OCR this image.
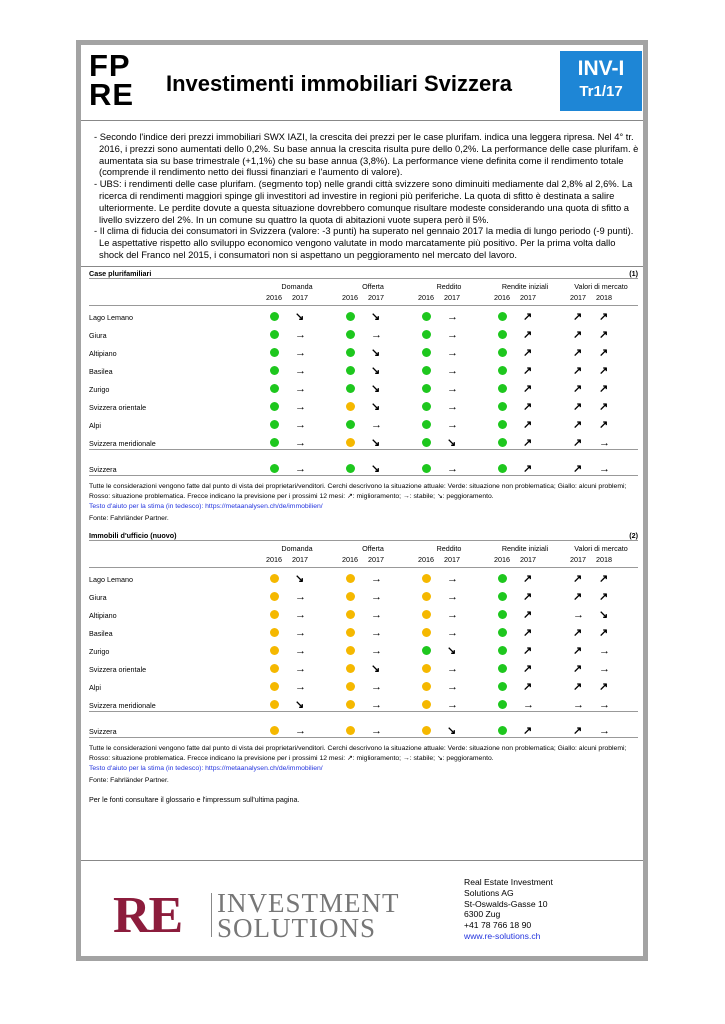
FP
RE	Investimenti immobiliari Svizzera
INV-I
Tr1/17

- Secondo l'indice deri prezzi immobiliari SWX IAZI, la crescita dei prezzi per le case plurifam. indica una leggera ripresa. Nel 4° tr. 2016, i prezzi sono aumentati dello 0,2%. Su base annua la crescita risulta pure dello 0,2%. La performance delle case plurifam. è aumentata sia su base trimestrale (+1,1%) che su base annua (3,8%). La performance viene definita come il rendimento totale (comprende il rendimento netto dei flussi finanziari e l'aumento di valore).

- UBS: i rendimenti delle case plurifam. (segmento top) nelle grandi città svizzere sono diminuiti mediamente dal 2,8% al 2,6%. La ricerca di rendimenti maggiori spinge gli investitori ad investire in regioni più periferiche. La quota di sfitto è destinata a salire ulteriormente. Le perdite dovute a questa situazione dovrebbero comunque risultare modeste considerando una quota di sfitto a livello svizzero del 2%. In un comune su quattro la quota di abitazioni vuote supera però il 5%.

- Il clima di fiducia dei consumatori in Svizzera (valore: -3 punti) ha superato nel gennaio 2017 la media di lungo periodo (-9 punti). Le aspettative rispetto allo sviluppo economico vengono valutate in modo marcatamente più positivo. Per la prima volta dallo shock del Franco nel 2015, i consumatori non si aspettano un peggioramento nel mercato del lavoro.

Case plurifamiliari	(1)
Domanda	Offerta	Reddito	Rendite iniziali	Valori di mercato
2016	2017	2016	2017	2016	2017	2016	2017	2017	2018
Lago Lemano	↘	↘	→	↗	↗ ↗
Giura	→	→	→	↗	↗ ↗
Altipiano	→	↘	→	↗	↗ ↗
Basilea	→	↘	→	↗	↗ ↗
Zurigo	→	↘	→	↗	↗ ↗
Svizzera orientale	→	↘	→	↗	↗ ↗
Alpi	→	→	→	↗	↗ ↗
Svizzera meridionale	→	↘	↘	↗	↗ →
Svizzera	→	↘	→	↗	↗ →
Tutte le considerazioni vengono fatte dal punto di vista dei proprietari/venditori. Cerchi descrivono la situazione attuale: Verde: situazione non problematica; Giallo: alcuni problemi;
Rosso: situazione problematica. Frecce indicano la previsione per i prossimi 12 mesi: ↗: miglioramento; →: stabile; ↘: peggioramento.
Testo d'aiuto per la stima (in tedesco): https://metaanalysen.ch/de/immobilien/
Fonte: Fahrländer Partner.
Immobili d'ufficio (nuovo)	(2)
Domanda	Offerta	Reddito	Rendite iniziali	Valori di mercato
2016	2017	2016	2017	2016	2017	2016	2017	2017	2018
Lago Lemano	↘	→	→	↗	↗ ↗
Giura	→	→	→	↗	↗ ↗
Altipiano	→	→	→	↗	→ ↘
Basilea	→	→	→	↗	↗ ↗
Zurigo	→	→	↘	↗	↗ →
Svizzera orientale	→	↘	→	↗	↗ →
Alpi	→	→	→	↗	↗ ↗
Svizzera meridionale	↘	→	→	→	→ →
Svizzera	→	→	↘	↗	↗ →
Tutte le considerazioni vengono fatte dal punto di vista dei proprietari/venditori. Cerchi descrivono la situazione attuale: Verde: situazione non problematica; Giallo: alcuni problemi;
Rosso: situazione problematica. Frecce indicano la previsione per i prossimi 12 mesi: ↗: miglioramento; →: stabile; ↘: peggioramento.
Testo d'aiuto per la stima (in tedesco): https://metaanalysen.ch/de/immobilien/
Fonte: Fahrländer Partner.
Per le fonti consultare il glossario e l'impressum sull'ultima pagina.
RE INVESTMENT
SOLUTIONS
Real Estate Investment
Solutions AG
St-Oswalds-Gasse 10
6300 Zug
+41 78 766 18 90
www.re-solutions.ch
